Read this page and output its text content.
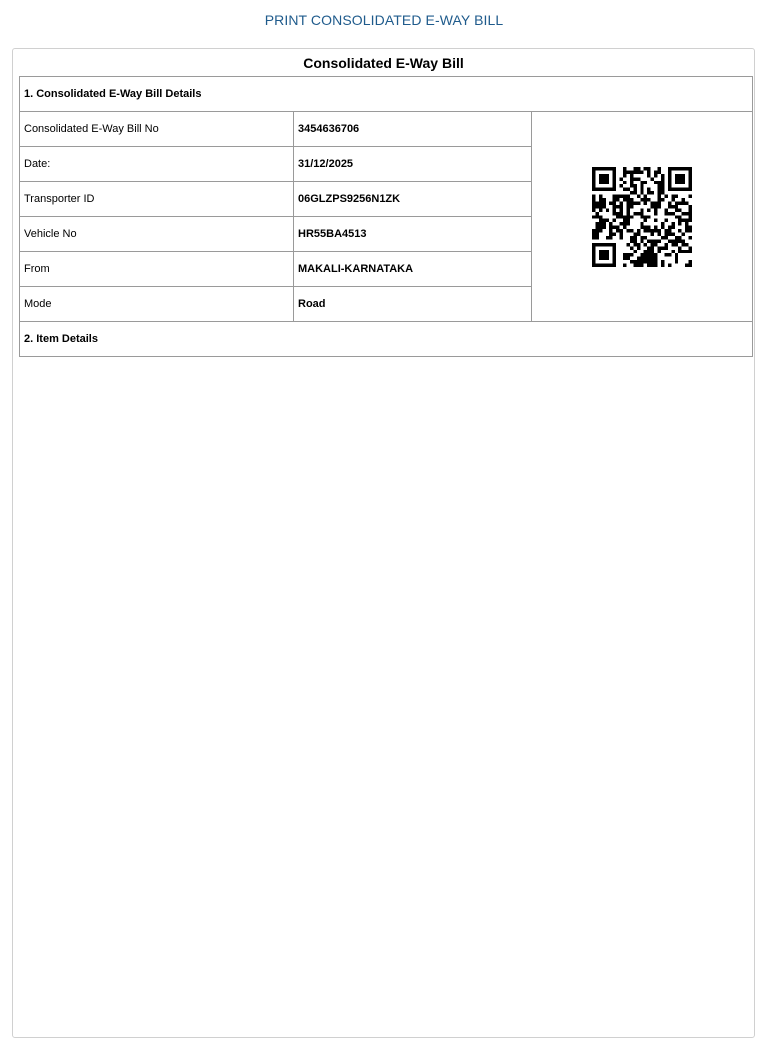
PRINT CONSOLIDATED E-WAY BILL
Consolidated E-Way Bill
1. Consolidated E-Way Bill Details		
Consolidated E-Way Bill No	3454636706	
Date:	31/12/2025	
Transporter ID	06GLZPS9256N1ZK	
Vehicle No	HR55BA4513	
From	MAKALI-KARNATAKA	
Mode	Road	
2. Item Details		
